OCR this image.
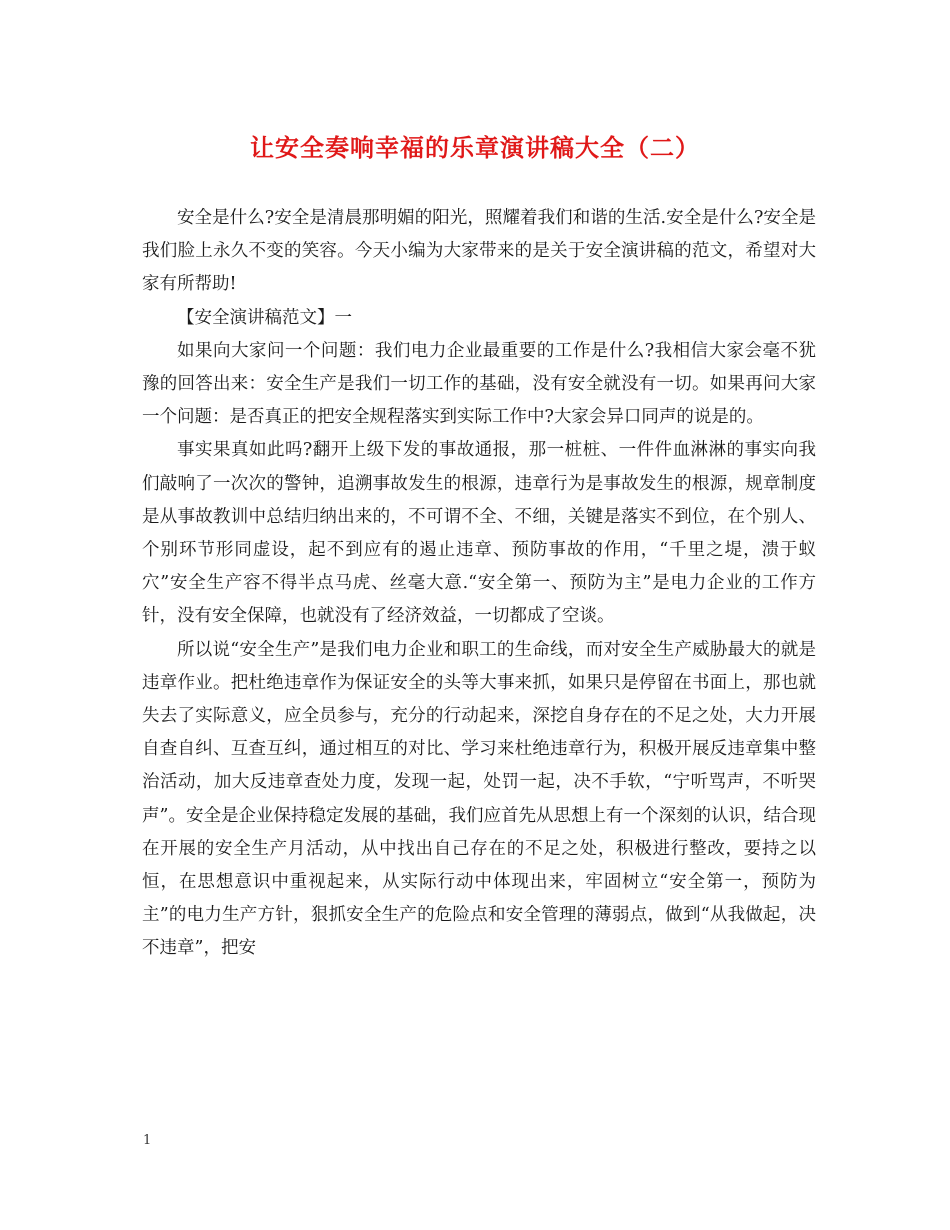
让安全奏响幸福的乐章演讲稿大全（二）

安全是什么?安全是清晨那明媚的阳光，照耀着我们和谐的生活.安全是什么?安全是我们脸上永久不变的笑容。今天小编为大家带来的是关于安全演讲稿的范文，希望对大家有所帮助!

【安全演讲稿范文】一

如果向大家问一个问题：我们电力企业最重要的工作是什么?我相信大家会毫不犹豫的回答出来：安全生产是我们一切工作的基础，没有安全就没有一切。如果再问大家一个问题：是否真正的把安全规程落实到实际工作中?大家会异口同声的说是的。

事实果真如此吗?翻开上级下发的事故通报，那一桩桩、一件件血淋淋的事实向我们敲响了一次次的警钟，追溯事故发生的根源，违章行为是事故发生的根源，规章制度是从事故教训中总结归纳出来的，不可谓不全、不细，关键是落实不到位，在个别人、个别环节形同虚设，起不到应有的遏止违章、预防事故的作用，“千里之堤，溃于蚁穴”安全生产容不得半点马虎、丝毫大意.“安全第一、预防为主”是电力企业的工作方针，没有安全保障，也就没有了经济效益，一切都成了空谈。

所以说“安全生产”是我们电力企业和职工的生命线，而对安全生产威胁最大的就是违章作业。把杜绝违章作为保证安全的头等大事来抓，如果只是停留在书面上，那也就失去了实际意义，应全员参与，充分的行动起来，深挖自身存在的不足之处，大力开展自查自纠、互查互纠，通过相互的对比、学习来杜绝违章行为，积极开展反违章集中整治活动，加大反违章查处力度，发现一起，处罚一起，决不手软，“宁听骂声，不听哭声”。安全是企业保持稳定发展的基础，我们应首先从思想上有一个深刻的认识，结合现在开展的安全生产月活动，从中找出自己存在的不足之处，积极进行整改，要持之以恒，在思想意识中重视起来，从实际行动中体现出来，牢固树立“安全第一，预防为主”的电力生产方针，狠抓安全生产的危险点和安全管理的薄弱点，做到“从我做起，决不违章”，把安

1
